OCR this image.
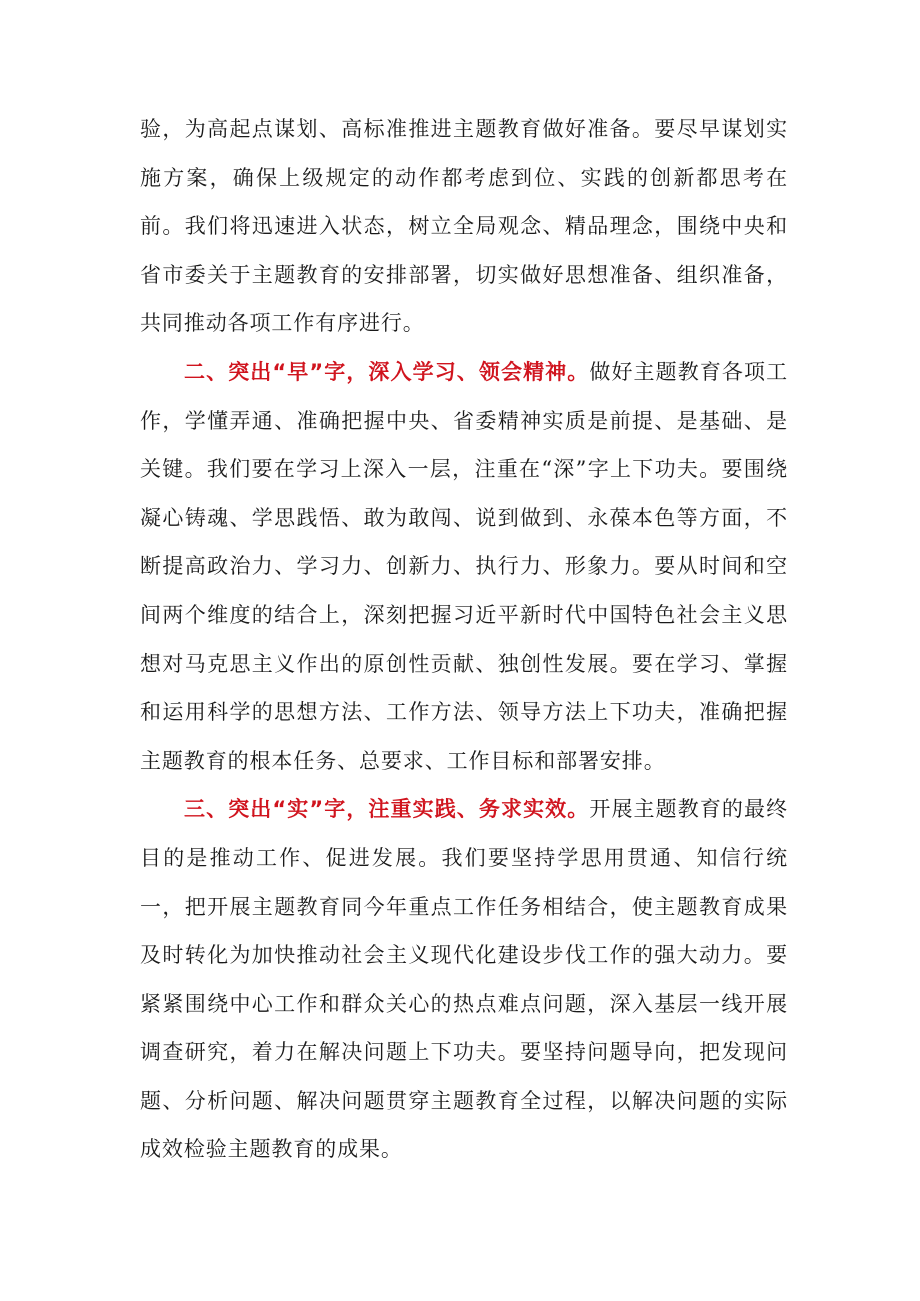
验，为高起点谋划、高标准推进主题教育做好准备。要尽早谋划实施方案，确保上级规定的动作都考虑到位、实践的创新都思考在前。我们将迅速进入状态，树立全局观念、精品理念，围绕中央和省市委关于主题教育的安排部署，切实做好思想准备、组织准备，共同推动各项工作有序进行。

二、突出“早”字，深入学习、领会精神。做好主题教育各项工作，学懂弄通、准确把握中央、省委精神实质是前提、是基础、是关键。我们要在学习上深入一层，注重在“深”字上下功夫。要围绕凝心铸魂、学思践悟、敢为敢闯、说到做到、永葆本色等方面，不断提高政治力、学习力、创新力、执行力、形象力。要从时间和空间两个维度的结合上，深刻把握习近平新时代中国特色社会主义思想对马克思主义作出的原创性贡献、独创性发展。要在学习、掌握和运用科学的思想方法、工作方法、领导方法上下功夫，准确把握主题教育的根本任务、总要求、工作目标和部署安排。

三、突出“实”字，注重实践、务求实效。开展主题教育的最终目的是推动工作、促进发展。我们要坚持学思用贯通、知信行统一，把开展主题教育同今年重点工作任务相结合，使主题教育成果及时转化为加快推动社会主义现代化建设步伐工作的强大动力。要紧紧围绕中心工作和群众关心的热点难点问题，深入基层一线开展调查研究，着力在解决问题上下功夫。要坚持问题导向，把发现问题、分析问题、解决问题贯穿主题教育全过程，以解决问题的实际成效检验主题教育的成果。
